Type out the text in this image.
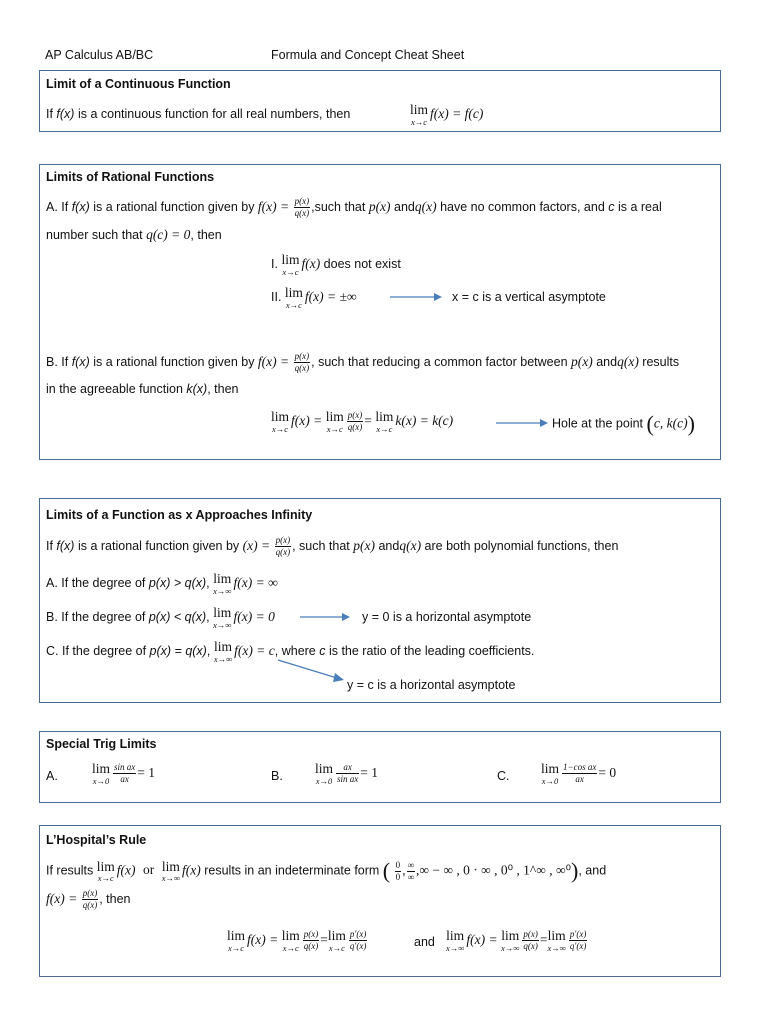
AP Calculus AB/BC	Formula and Concept Cheat Sheet
Limit of a Continuous Function
If f(x) is a continuous function for all real numbers, then	lim
x→c
f(x) = f(c)
Limits of Rational Functions
A. If f(x) is a rational function given by $f(x) = \frac{p(x)}{q(x)}$ ,such that p(x) andq(x) have no common factors, and c is a real
number such that q(c) = 0, then
I. lim
x→c
f(x) does not exist
II. lim
x→c
f(x) = ±∞	x = c is a vertical asymptote
B. If f(x) is a rational function given by $f(x) = \frac{p(x)}{q(x)}$ , such that reducing a common factor between p(x) andq(x) results
in the agreeable function k(x), then
lim
x→c
f(x) = lim
$x\to c \frac{p(x)}{q(x)} = \lim$
x→c
k(x) = k(c)	Hole at the point (c, k(c))
Limits of a Function as x Approaches Infinity
If f(x) is a rational function given by $(x) = \frac{p(x)}{q(x)}$ , such that p(x) andq(x) are both polynomial functions, then
A. If the degree of p(x) > q(x), lim
x→∞
f(x) = ∞
B. If the degree of p(x) < q(x), lim
x→∞
f(x) = 0	y = 0 is a horizontal asymptote
C. If the degree of p(x) = q(x), lim
x→∞
f(x) = c, where c is the ratio of the leading coefficients.
y = c is a horizontal asymptote
Special Trig Limits
A.	lim
$x\to 0 \frac{\text{sin ax}}{ax} = 1$	B. lim
$x\to 0 \frac{ax}{\text{sin ax}} = 1$	C. lim
$x\to 0 \frac{\text{1−cos ax}}{ax} = 0$
L’Hospital’s Rule
If results lim
x→c
f(x) or lim
x→∞
f(x) results in an indeterminate form ( $\frac{0}{0}$ , $\frac{\infty}{\infty}$ ,∞ − ∞ , 0 · ∞ , 0⁰ , 1^∞ , ∞⁰), and
$f(x) = \frac{p(x)}{q(x)}$ , then
lim
x→c
f(x) = lim
$x\to c \frac{p(x)}{q(x)} = \lim$
$x\to c \frac{p'(x)}{q'(x)}$	and lim
x→∞
f(x) = lim
$x\to\infty \frac{p(x)}{q(x)} = \lim$
$x\to\infty \frac{p'(x)}{q'(x)}$
